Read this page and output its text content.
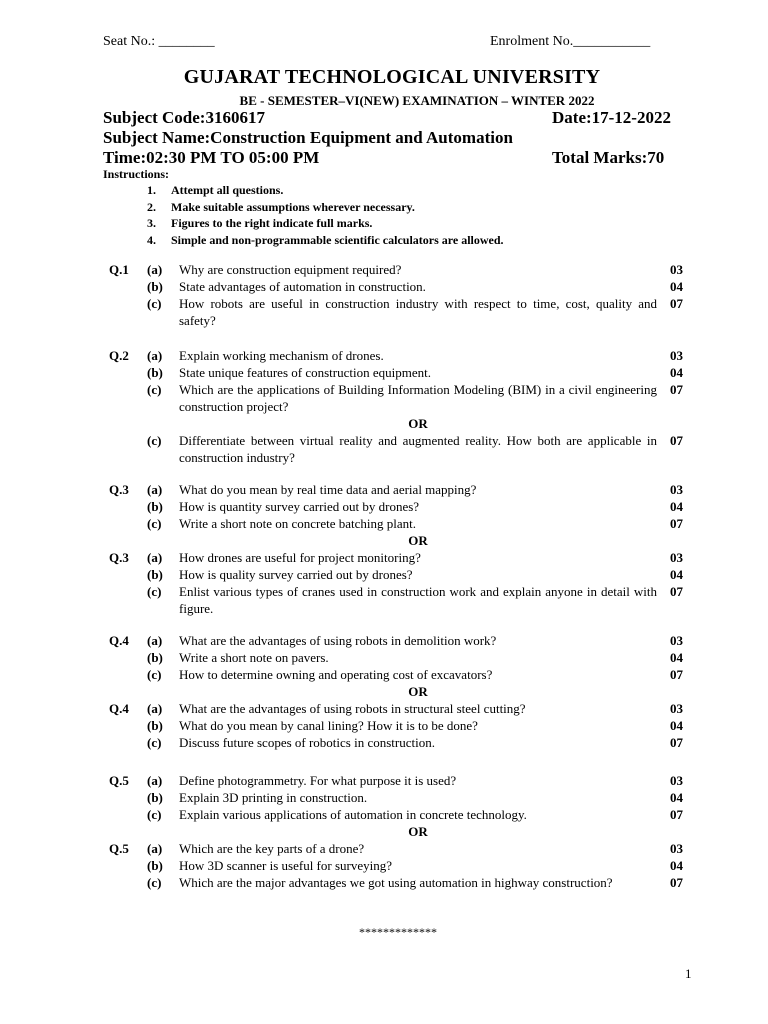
Seat No.: ________	Enrolment No.___________
GUJARAT TECHNOLOGICAL UNIVERSITY
BE - SEMESTER–VI(NEW) EXAMINATION – WINTER 2022
Subject Code:3160617	Date:17-12-2022
Subject Name:Construction Equipment and Automation
Time:02:30 PM TO 05:00 PM	Total Marks:70
Instructions:
1. Attempt all questions.
2. Make suitable assumptions wherever necessary.
3. Figures to the right indicate full marks.
4. Simple and non-programmable scientific calculators are allowed.
Q.1 (a) Why are construction equipment required?	03
(b) State advantages of automation in construction.	04
(c) How robots are useful in construction industry with respect to time, cost, quality and safety?
07
Q.2 (a) Explain working mechanism of drones.	03
(b) State unique features of construction equipment.	04
(c) Which are the applications of Building Information Modeling (BIM) in a civil engineering construction project?
07
OR
(c) Differentiate between virtual reality and augmented reality. How both are applicable in construction industry?
07
Q.3 (a) What do you mean by real time data and aerial mapping?	03
(b) How is quantity survey carried out by drones?	04
(c) Write a short note on concrete batching plant.	07
OR
Q.3 (a) How drones are useful for project monitoring?	03
(b) How is quality survey carried out by drones?	04
(c) Enlist various types of cranes used in construction work and explain anyone in detail with figure.
07
Q.4 (a) What are the advantages of using robots in demolition work?	03
(b) Write a short note on pavers.	04
(c) How to determine owning and operating cost of excavators?	07
OR
Q.4 (a) What are the advantages of using robots in structural steel cutting?	03
(b) What do you mean by canal lining? How it is to be done?	04
(c) Discuss future scopes of robotics in construction.	07
Q.5 (a) Define photogrammetry. For what purpose it is used?	03
(b) Explain 3D printing in construction.	04
(c) Explain various applications of automation in concrete technology.	07
OR
Q.5 (a) Which are the key parts of a drone?	03
(b) How 3D scanner is useful for surveying?	04
(c) Which are the major advantages we got using automation in highway construction?	07
*************
1
